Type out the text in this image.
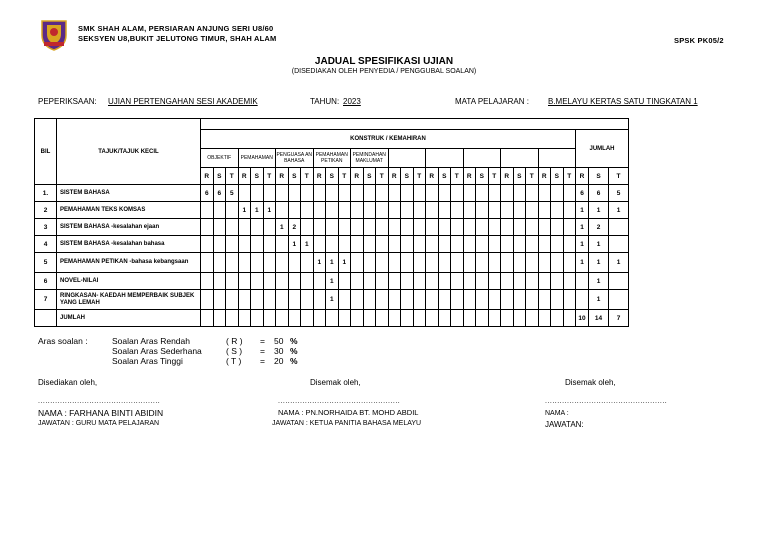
SMK SHAH ALAM, PERSIARAN ANJUNG SERI U8/60
SEKSYEN U8,BUKIT JELUTONG TIMUR, SHAH ALAM	SPSK PK05/2
JADUAL SPESIFIKASI UJIAN
(DISEDIAKAN OLEH PENYEDIA / PENGGUBAL SOALAN)
PEPERIKSAAN: UJIAN PERTENGAHAN SESI AKADEMIK	TAHUN: 2023	MATA PELAJARAN : B.MELAYU KERTAS SATU TINGKATAN 1
BIL	TAJUK/TAJUK KECIL																																	
		KONSTRUK / KEMAHIRAN																														JUMLAH		
		OBJEKTIF			PEMAHAMAN			PENGUASA AN BAHASA			PEMAHAMAN PETIKAN			PEMINDAHAN MAKLUMAT																				
		R	S	T	R	S	T	R	S	T	R	S	T	R	S	T	R	S	T	R	S	T	R	S	T	R	S	T	R	S	T	R	S	T
1.	SISTEM BAHASA	6	6	5																												6	6	5
2	PEMAHAMAN TEKS KOMSAS				1	1	1																									1	1	1
3	SISTEM BAHASA -kesalahan ejaan							1	2																							1	2	
4	SISTEM BAHASA -kesalahan bahasa								1	1																						1	1	
5	PEMAHAMAN PETIKAN -bahasa kebangsaan										1	1	1																			1	1	1
6	NOVEL-NILAI											1																					1	
7	RINGKASAN- KAEDAH MEMPERBAIK SUBJEK YANG LEMAH											1																					1	
	JUMLAH																															10	14	7
Aras soalan :	Soalan Aras Rendah	( R ) = 50 %
Soalan Aras Sederhana	( S ) = 30 %
Soalan Aras Tinggi	( T ) = 20 %
Disediakan oleh,	Disemak oleh,	Disemak oleh,
..................................................	..................................................	..................................................
NAMA : FARHANA BINTI ABIDIN
JAWATAN : GURU MATA PELAJARAN
NAMA : PN.NORHAIDA BT. MOHD ABDIL
JAWATAN : KETUA PANITIA BAHASA MELAYU
NAMA :
JAWATAN:
